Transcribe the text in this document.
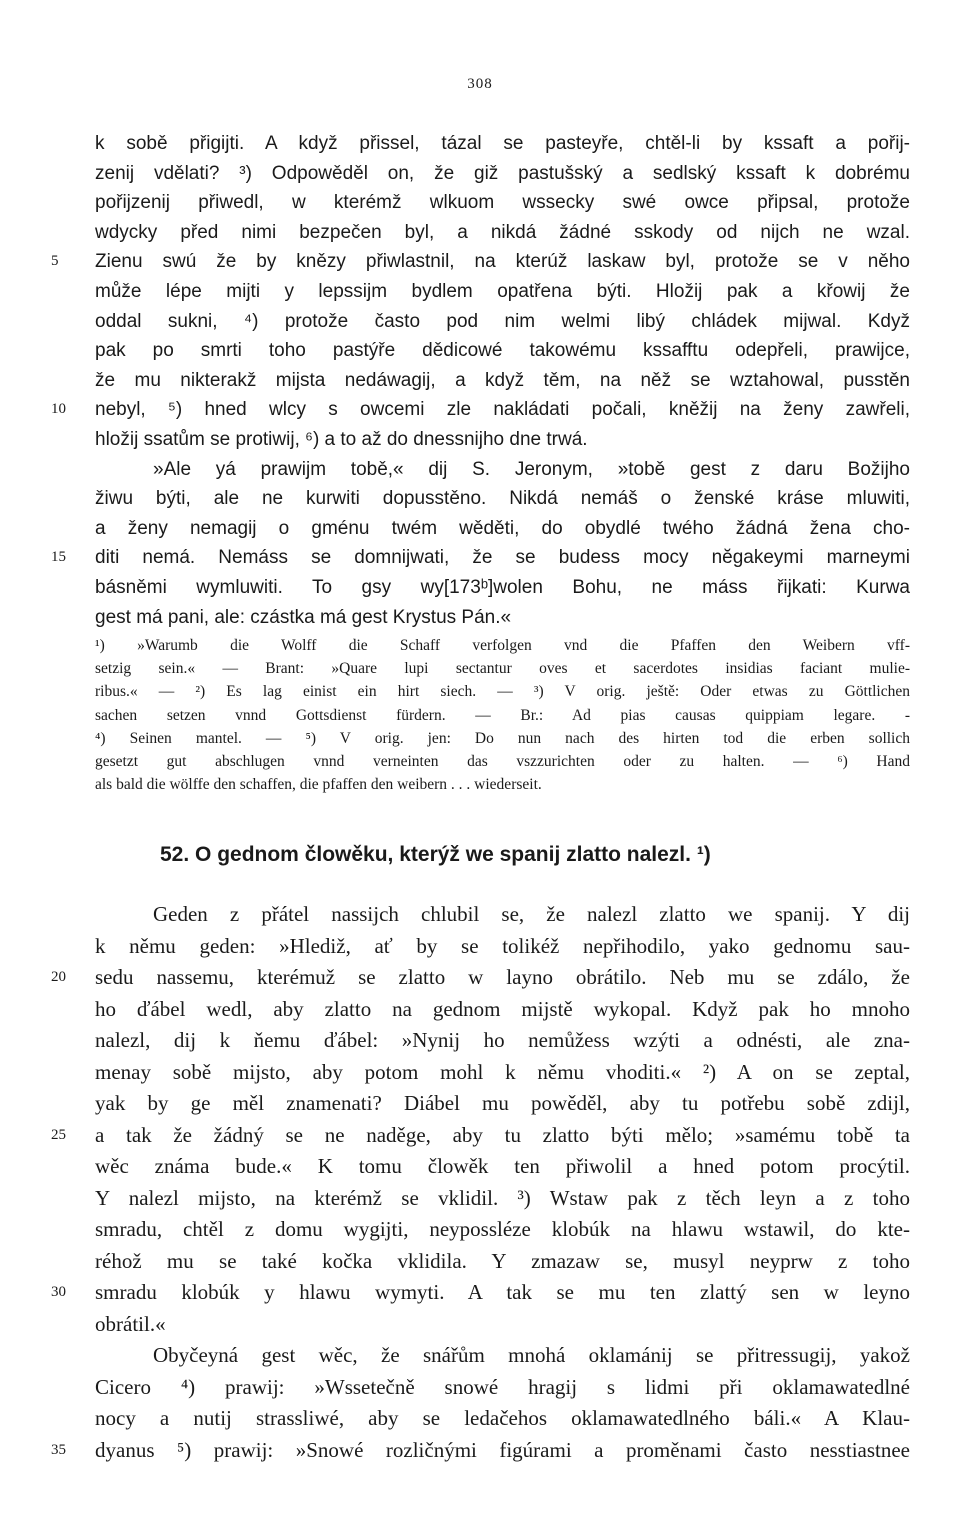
308
k sobě přigijti. A když přissel, tázal se pasteyře, chtěl-li by kssaft a pořij-
zenij vdělati? ³) Odpowěděl on, že giž pastušský a sedlský kssaft k dobrému
pořijzenij přiwedl, w kterémž wlkuom wssecky swé owce připsal, protože
wdycky před nimi bezpečen byl, a nikdá žádné sskody od nijch ne wzal.
5	Zienu swú že by knězy přiwlastnil, na kterúž laskaw byl, protože se v něho
může lépe mijti y lepssijm bydlem opatřena býti. Hložij pak a křowij že
oddal sukni, ⁴) protože často pod nim welmi libý chládek mijwal. Když
pak po smrti toho pastýře dědicowé takowému kssafftu odepřeli, prawijce,
že mu nikterakž mijsta nedáwagij, a když těm, na něž se wztahowal, pusstěn
10	nebyl, ⁵) hned wlcy s owcemi zle nakládati počali, kněžij na ženy zawřeli,
hložij ssatům se protiwij, ⁶) a to až do dnessnijho dne trwá.
»Ale yá prawijm tobě,« dij S. Jeronym, »tobě gest z daru Božijho
žiwu býti, ale ne kurwiti dopusstěno. Nikdá nemáš o ženské kráse mluwiti,
a ženy nemagij o gménu twém wěděti, do obydlé twého žádná žena cho-
15	diti nemá. Nemáss se domnijwati, že se budess mocy nĕgakeymi marneymi
básněmi wymluwiti. To gsy wy[173ᵇ]wolen Bohu, ne máss řijkati: Kurwa
gest má pani, ale: czástka má gest Krystus Pán.«
¹) »Warumb die Wolff die Schaff verfolgen vnd die Pfaffen den Weibern vff-
setzig sein.« — Brant: »Quare lupi sectantur oves et sacerdotes insidias faciant mulie-
ribus.« — ²) Es lag einist ein hirt siech. — ³) V orig. ještě: Oder etwas zu Göttlichen
sachen setzen vnnd Gottsdienst fürdern. — Br.: Ad pias causas quippiam legare. -
⁴) Seinen mantel. — ⁵) V orig. jen: Do nun nach des hirten tod die erben sollich
gesetzt gut abschlugen vnnd verneinten das vszzurichten oder zu halten. — ⁶) Hand
als bald die wölffe den schaffen, die pfaffen den weibern . . . wiederseit.
52. O gednom člowěku, kterýž we spanij zlatto nalezl. ¹)
Geden z přátel nassijch chlubil se, že nalezl zlatto we spanij. Y dij
k němu geden: »Hlediž, ať by se tolikéž nepřihodilo, yako gednomu sau-
20	sedu nassemu, kterémuž se zlatto w layno obrátilo. Neb mu se zdálo, že
ho ďábel wedl, aby zlatto na gednom mijstě wykopal. Když pak ho mnoho
nalezl, dij k ňemu ďábel: »Nynij ho nemůžess wzýti a odnésti, ale zna-
menay sobě mijsto, aby potom mohl k němu vhoditi.« ²) A on se zeptal,
yak by ge měl znamenati? Diábel mu powěděl, aby tu potřebu sobě zdijl,
25	a tak že žádný se ne naděge, aby tu zlatto býti mělo; »samému tobě ta
wěc známa bude.« K tomu člowěk ten přiwolil a hned potom procýtil.
Y nalezl mijsto, na kterémž se vklidil. ³) Wstaw pak z těch leyn a z toho
smradu, chtěl z domu wygijti, neypossléze klobúk na hlawu wstawil, do kte-
réhož mu se také kočka vklidila. Y zmazaw se, musyl neyprw z toho
30	smradu klobúk y hlawu wymyti. A tak se mu ten zlattý sen w leyno
obrátil.«
Obyčeyná gest wěc, že snářům mnohá oklamánij se přitressugij, yakož
Cicero ⁴) prawij: »Wssetečně snowé hragij s lidmi při oklamawatedlné
nocy a nutij strassliwé, aby se ledačehos oklamawatedlného báli.« A Klau-
35	dyanus ⁵) prawij: »Snowé rozličnými figúrami a proměnami často nesstiastnee
